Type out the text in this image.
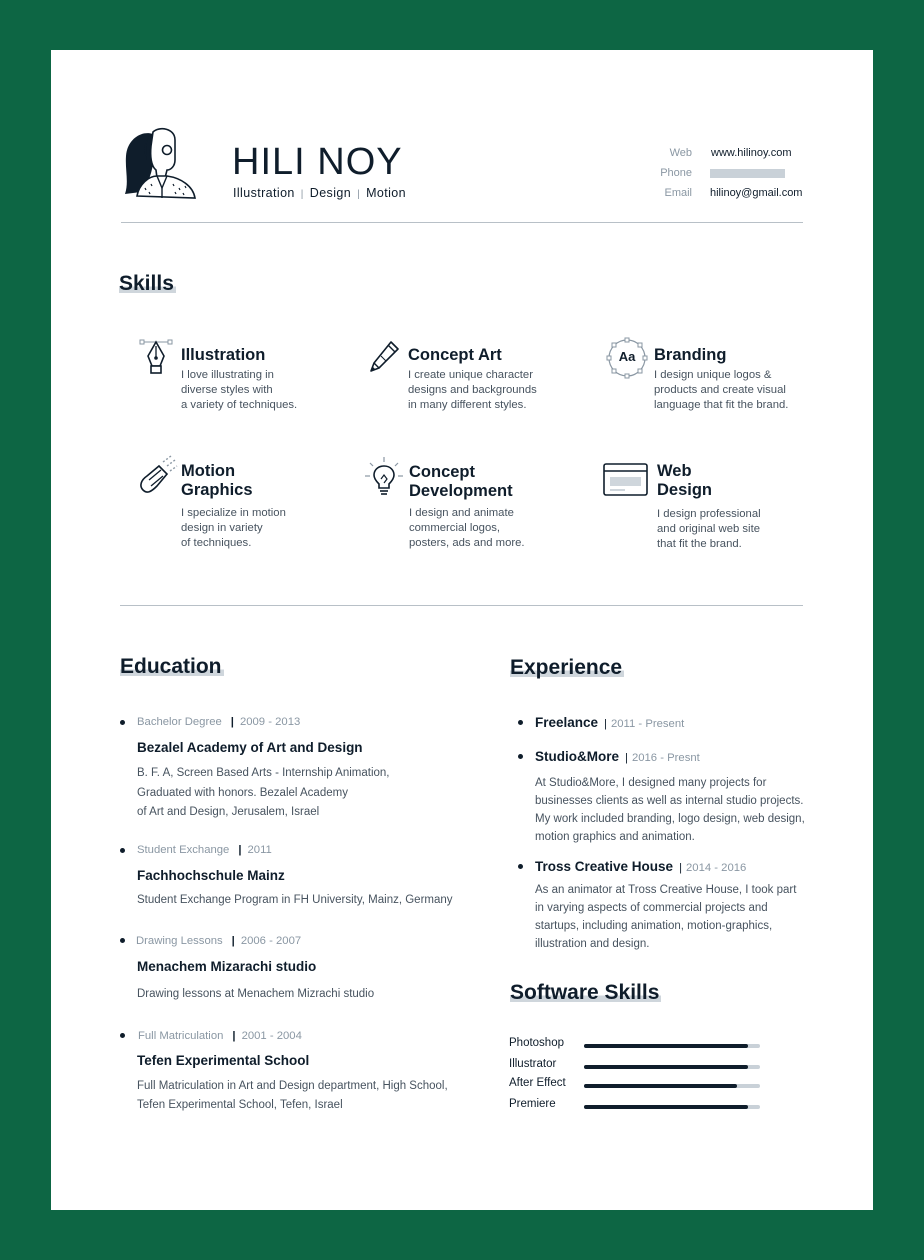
HILI NOY
Illustration | Design | Motion
Web www.hilinoy.com
Phone
Email hilinoy@gmail.com
Skills
Illustration
I love illustrating in
diverse styles with
a variety of techniques.
Concept Art
I create unique character
designs and backgrounds
in many different styles.
Aa	Branding
I design unique logos &
products and create visual
language that fit the brand.
Motion
Graphics
I specialize in motion
design in variety
of techniques.
Concept
Development
I design and animate
commercial logos,
posters, ads and more.
Web
Design
I design professional
and original web site
that fit the brand.
Education
Bachelor Degree | 2009 - 2013
Bezalel Academy of Art and Design
B. F. A, Screen Based Arts - Internship Animation,
Graduated with honors. Bezalel Academy
of Art and Design, Jerusalem, Israel
Student Exchange | 2011
Fachhochschule Mainz
Student Exchange Program in FH University, Mainz, Germany
Drawing Lessons | 2006 - 2007
Menachem Mizarachi studio
Drawing lessons at Menachem Mizrachi studio
Full Matriculation | 2001 - 2004
Tefen Experimental School
Full Matriculation in Art and Design department, High School,
Tefen Experimental School, Tefen, Israel
Experience
Freelance | 2011 - Present
Studio&More | 2016 - Presnt
At Studio&More, I designed many projects for
businesses clients as well as internal studio projects.
My work included branding, logo design, web design,
motion graphics and animation.
Tross Creative House | 2014 - 2016
As an animator at Tross Creative House, I took part
in varying aspects of commercial projects and
startups, including animation, motion-graphics,
illustration and design.
Software Skills
Photoshop
Illustrator
After Effect
Premiere
